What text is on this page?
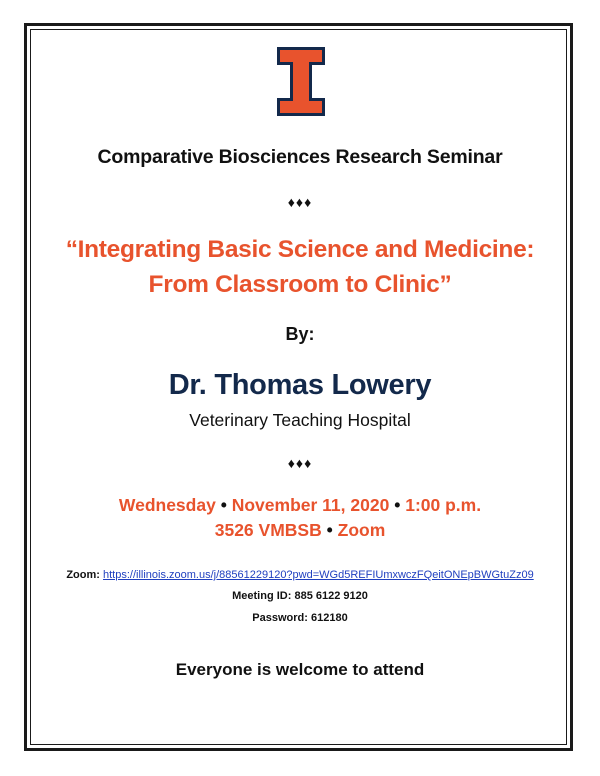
Comparative Biosciences Research Seminar
♦♦♦
“Integrating Basic Science and Medicine:
From Classroom to Clinic”
By:
Dr. Thomas Lowery
Veterinary Teaching Hospital
♦♦♦
Wednesday • November 11, 2020 • 1:00 p.m.
3526 VMBSB • Zoom
Zoom: https://illinois.zoom.us/j/88561229120?pwd=WGd5REFIUmxwczFQeitONEpBWGtuZz09
Meeting ID: 885 6122 9120
Password: 612180
Everyone is welcome to attend
